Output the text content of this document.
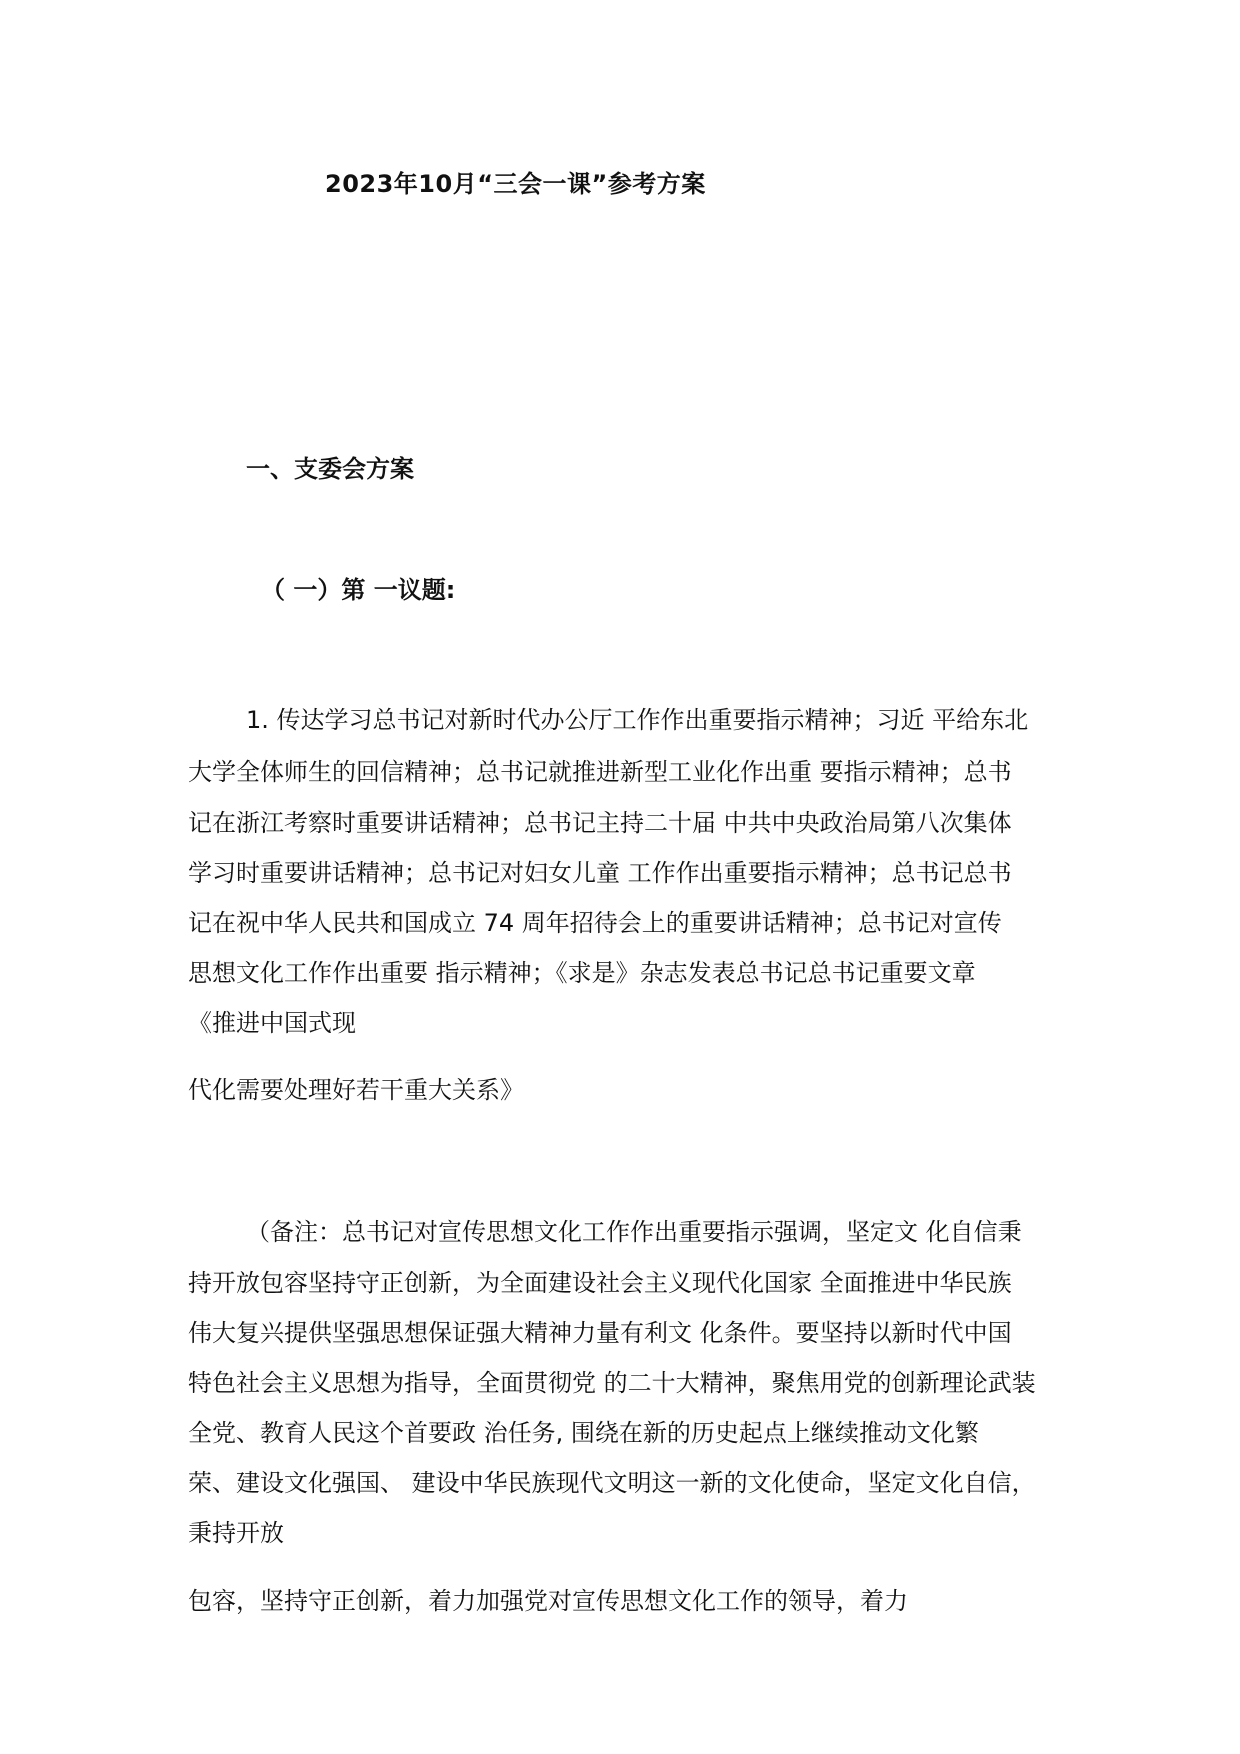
2023年10月“三会一课”参考方案
一、支委会方案
（ 一）第 一议题:
1. 传达学习总书记对新时代办公厅工作作出重要指示精神；习近 平给东北
大学全体师生的回信精神；总书记就推进新型工业化作出重 要指示精神；总书
记在浙江考察时重要讲话精神；总书记主持二十届 中共中央政治局第八次集体
学习时重要讲话精神；总书记对妇女儿童 工作作出重要指示精神；总书记总书
记在祝中华人民共和国成立 74 周年招待会上的重要讲话精神；总书记对宣传
思想文化工作作出重要 指示精神；《求是》杂志发表总书记总书记重要文章
《推进中国式现
代化需要处理好若干重大关系》
（备注：总书记对宣传思想文化工作作出重要指示强调，坚定文 化自信秉
持开放包容坚持守正创新，为全面建设社会主义现代化国家 全面推进中华民族
伟大复兴提供坚强思想保证强大精神力量有利文 化条件。要坚持以新时代中国
特色社会主义思想为指导，全面贯彻党 的二十大精神，聚焦用党的创新理论武装
全党、教育人民这个首要政 治任务, 围绕在新的历史起点上继续推动文化繁
荣、建设文化强国、 建设中华民族现代文明这一新的文化使命，坚定文化自信，
秉持开放
包容，坚持守正创新，着力加强党对宣传思想文化工作的领导，着力
